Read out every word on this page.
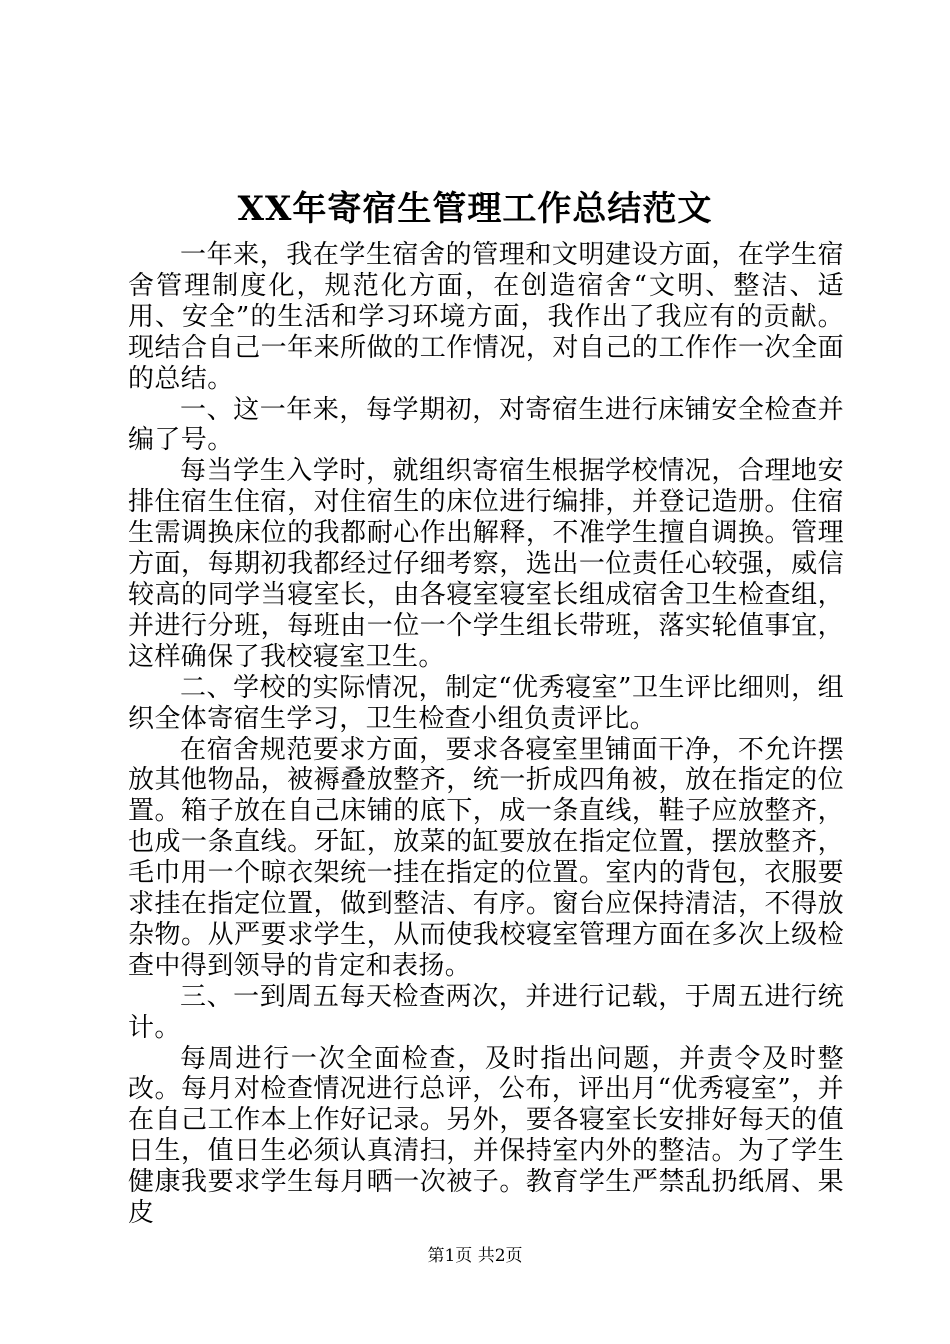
XX年寄宿生管理工作总结范文

一年来，我在学生宿舍的管理和文明建设方面，在学生宿舍管理制度化，规范化方面，在创造宿舍“文明、整洁、适用、安全”的生活和学习环境方面，我作出了我应有的贡献。现结合自己一年来所做的工作情况，对自己的工作作一次全面的总结。

一、这一年来，每学期初，对寄宿生进行床铺安全检查并编了号。

每当学生入学时，就组织寄宿生根据学校情况，合理地安排住宿生住宿，对住宿生的床位进行编排，并登记造册。住宿生需调换床位的我都耐心作出解释，不准学生擅自调换。管理方面，每期初我都经过仔细考察，选出一位责任心较强，威信较高的同学当寝室长，由各寝室寝室长组成宿舍卫生检查组，并进行分班，每班由一位一个学生组长带班，落实轮值事宜，这样确保了我校寝室卫生。

二、学校的实际情况，制定“优秀寝室”卫生评比细则，组织全体寄宿生学习，卫生检查小组负责评比。

在宿舍规范要求方面，要求各寝室里铺面干净，不允许摆放其他物品，被褥叠放整齐，统一折成四角被，放在指定的位置。箱子放在自己床铺的底下，成一条直线，鞋子应放整齐，也成一条直线。牙缸，放菜的缸要放在指定位置，摆放整齐，毛巾用一个晾衣架统一挂在指定的位置。室内的背包，衣服要求挂在指定位置，做到整洁、有序。窗台应保持清洁，不得放杂物。从严要求学生，从而使我校寝室管理方面在多次上级检查中得到领导的肯定和表扬。

三、一到周五每天检查两次，并进行记载，于周五进行统计。

每周进行一次全面检查，及时指出问题，并责令及时整改。每月对检查情况进行总评，公布，评出月“优秀寝室”，并在自己工作本上作好记录。另外，要各寝室长安排好每天的值日生，值日生必须认真清扫，并保持室内外的整洁。为了学生健康我要求学生每月晒一次被子。教育学生严禁乱扔纸屑、果皮

第1页 共2页
